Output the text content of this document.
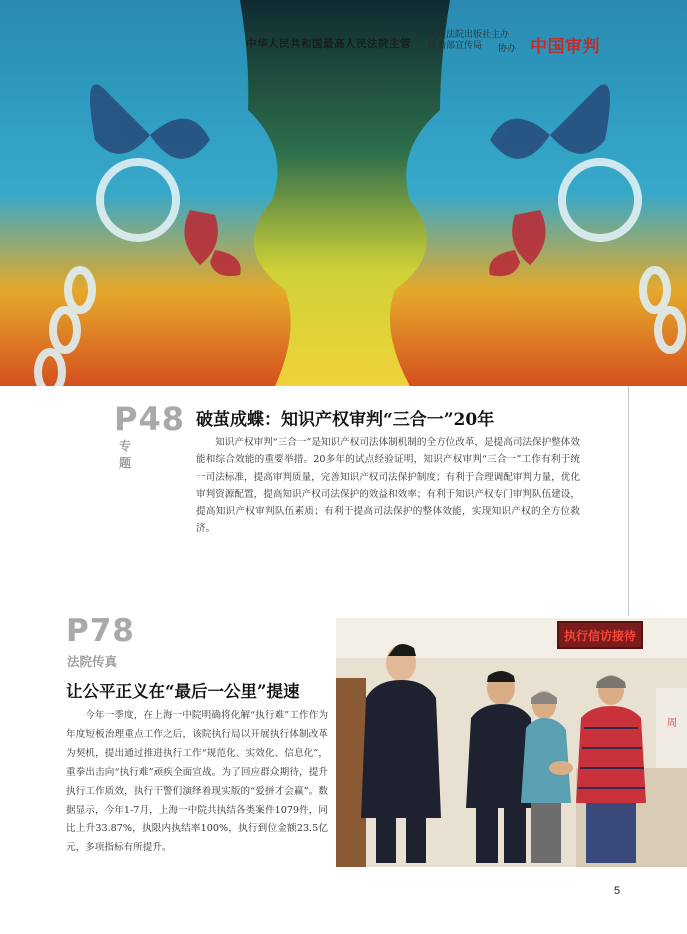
中华人民共和国最高人民法院主管
人民法院出版社主办
政治部宣传局	协办 中国审判
P48
专题
破茧成蝶：知识产权审判“三合一”20年
知识产权审判“三合一”是知识产权司法体制机制的全方位改革，是提高司法保护整体效能和综合效能的重要举措。20多年的试点经验证明，知识产权审判“三合一”工作有利于统一司法标准，提高审判质量，完善知识产权司法保护制度；有利于合理调配审判力量，优化审判资源配置，提高知识产权司法保护的效益和效率；有利于知识产权专门审判队伍建设，提高知识产权审判队伍素质；有利于提高司法保护的整体效能，实现知识产权的全方位救济。
P78
法院传真
让公平正义在“最后一公里”提速
今年一季度，在上海一中院明确将化解“执行难”工作作为年度短板治理重点工作之后，该院执行局以开展执行体制改革为契机，提出通过推进执行工作“规范化、实效化、信息化”，重拳出击向“执行难”顽疾全面宣战。为了回应群众期待，提升执行工作质效，执行干警们演绎着现实版的“爱拼才会赢”。数据显示，今年1-7月，上海一中院共执结各类案件1079件，同比上升33.87%，执限内执结率100%，执行到位金额23.5亿元，多项指标有所提升。
执行信访接待
周
5
